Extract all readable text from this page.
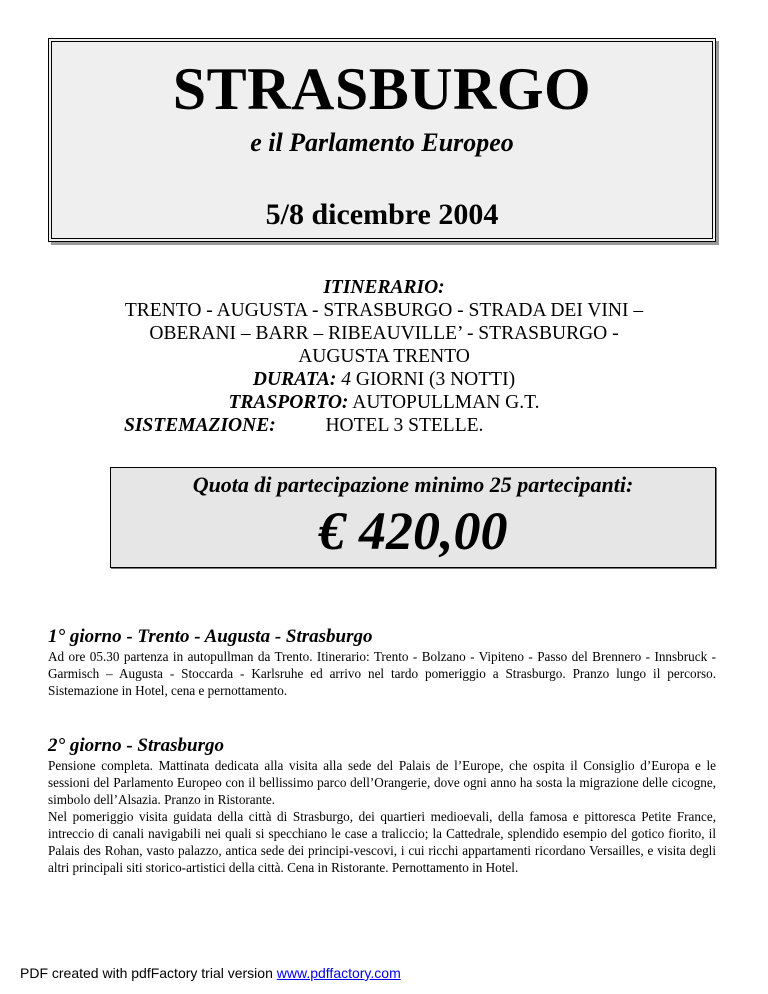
STRASBURGO
e il Parlamento Europeo
5/8 dicembre 2004
ITINERARIO:
TRENTO - AUGUSTA - STRASBURGO - STRADA DEI VINI –
OBERANI – BARR – RIBEAUVILLE’ - STRASBURGO -
AUGUSTA TRENTO
DURATA: 4 GIORNI (3 NOTTI)
TRASPORTO: AUTOPULLMAN G.T.
SISTEMAZIONE:	HOTEL 3 STELLE.
Quota di partecipazione minimo 25 partecipanti:
€ 420,00
1° giorno - Trento - Augusta - Strasburgo

Ad ore 05.30 partenza in autopullman da Trento. Itinerario: Trento - Bolzano - Vipiteno - Passo del Brennero - Innsbruck - Garmisch – Augusta - Stoccarda - Karlsruhe ed arrivo nel tardo pomeriggio a Strasburgo. Pranzo lungo il percorso. Sistemazione in Hotel, cena e pernottamento.

2° giorno - Strasburgo

Pensione completa. Mattinata dedicata alla visita alla sede del Palais de l’Europe, che ospita il Consiglio d’Europa e le sessioni del Parlamento Europeo con il bellissimo parco dell’Orangerie, dove ogni anno ha sosta la migrazione delle cicogne, simbolo dell’Alsazia. Pranzo in Ristorante.

Nel pomeriggio visita guidata della città di Strasburgo, dei quartieri medioevali, della famosa e pittoresca Petite France, intreccio di canali navigabili nei quali si specchiano le case a traliccio; la Cattedrale, splendido esempio del gotico fiorito, il Palais des Rohan, vasto palazzo, antica sede dei principi-vescovi, i cui ricchi appartamenti ricordano Versailles, e visita degli altri principali siti storico-artistici della città. Cena in Ristorante. Pernottamento in Hotel.

PDF created with pdfFactory trial version www.pdffactory.com
